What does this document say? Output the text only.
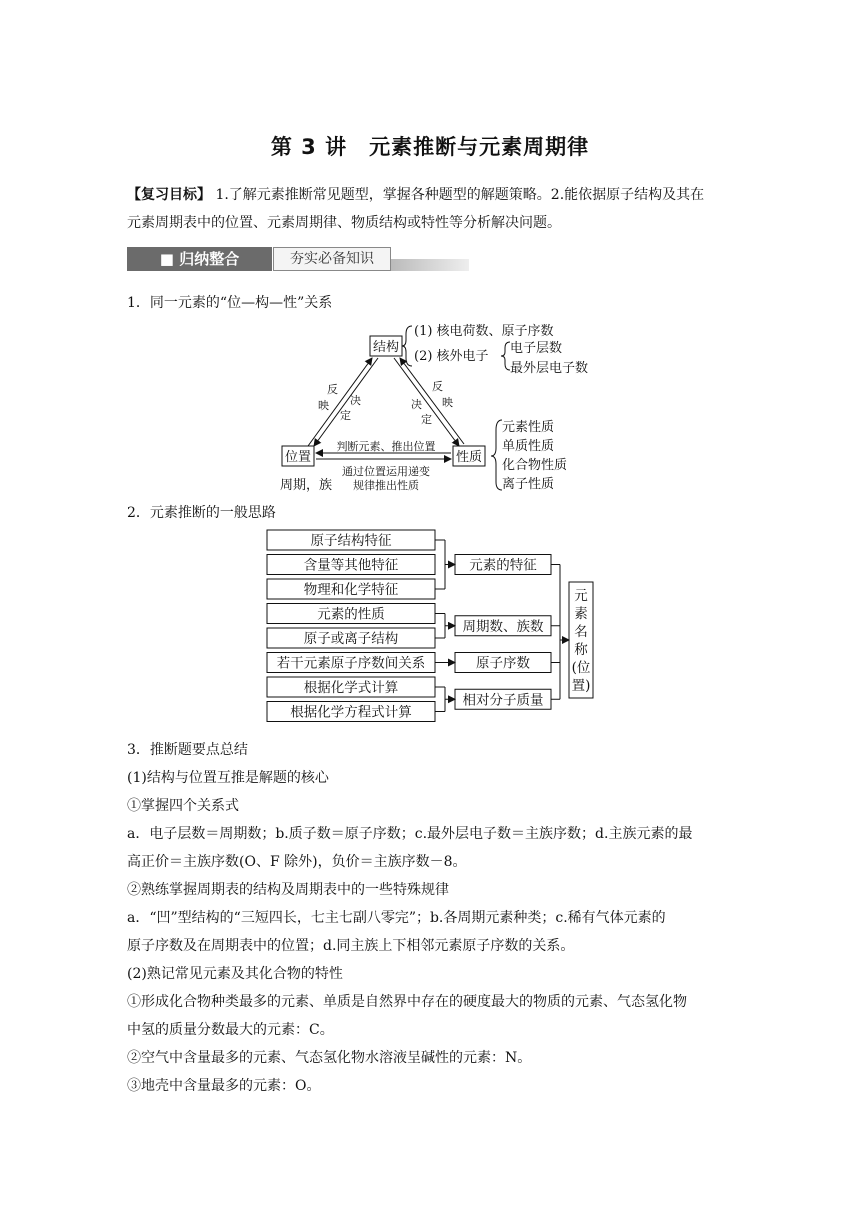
第 3 讲　元素推断与元素周期律
【复习目标】 1.了解元素推断常见题型，掌握各种题型的解题策略。2.能依据原子结构及其在
元素周期表中的位置、元素周期律、物质结构或特性等分析解决问题。
■ 归纳整合	夯实必备知识
1．同一元素的“位—构—性”关系
结构
位置	性质
反
映 决
定
反
映
决
定
判断元素、推出位置
通过位置运用递变
规律推出性质
(1) 核电荷数、原子序数
(2) 核外电子
电子层数
最外层电子数
元素性质
单质性质
化合物性质
离子性质
周期，族
2．元素推断的一般思路
原子结构特征
含量等其他特征
物理和化学特征
元素的性质
原子或离子结构
若干元素原子序数间关系
根据化学式计算
根据化学方程式计算
元素的特征
周期数、族数
原子序数
相对分子质量
元
素
名
称
(位
置)
3．推断题要点总结
(1)结构与位置互推是解题的核心
①掌握四个关系式
a．电子层数＝周期数；b.质子数＝原子序数；c.最外层电子数＝主族序数；d.主族元素的最
高正价＝主族序数(O、F 除外)，负价＝主族序数－8。
②熟练掌握周期表的结构及周期表中的一些特殊规律
a．“凹”型结构的“三短四长，七主七副八零完”；b.各周期元素种类；c.稀有气体元素的
原子序数及在周期表中的位置；d.同主族上下相邻元素原子序数的关系。
(2)熟记常见元素及其化合物的特性
①形成化合物种类最多的元素、单质是自然界中存在的硬度最大的物质的元素、气态氢化物
中氢的质量分数最大的元素：C。
②空气中含量最多的元素、气态氢化物水溶液呈碱性的元素：N。
③地壳中含量最多的元素：O。
